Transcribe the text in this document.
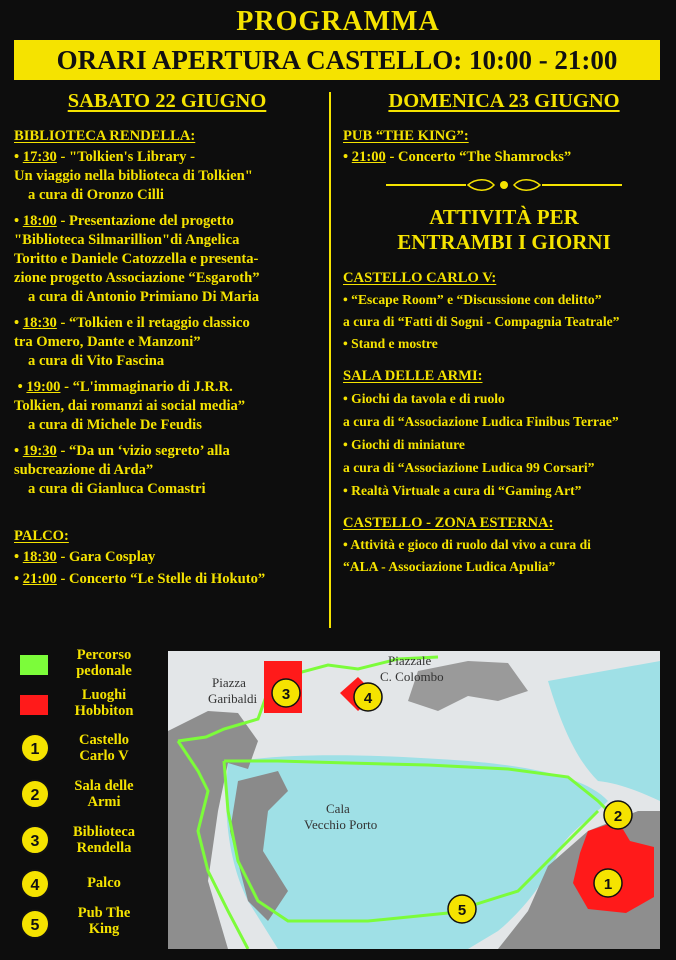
PROGRAMMA
ORARI APERTURA CASTELLO: 10:00 - 21:00
SABATO 22 GIUGNO
BIBLIOTECA RENDELLA:
• 17:30 - "Tolkien's Library -
Un viaggio nella biblioteca di Tolkien"
a cura di Oronzo Cilli
• 18:00 - Presentazione del progetto
"Biblioteca Silmarillion"di Angelica
Toritto e Daniele Catozzella e presenta-
zione progetto Associazione “Esgaroth”
a cura di Antonio Primiano Di Maria
• 18:30 - “Tolkien e il retaggio classico
tra Omero, Dante e Manzoni”
a cura di Vito Fascina
• 19:00 - “L'immaginario di J.R.R.
Tolkien, dai romanzi ai social media”
a cura di Michele De Feudis
• 19:30 - “Da un ‘vizio segreto’ alla
subcreazione di Arda”
a cura di Gianluca Comastri
PALCO:
• 18:30 - Gara Cosplay
• 21:00 - Concerto “Le Stelle di Hokuto”
DOMENICA 23 GIUGNO
PUB “THE KING”:
• 21:00 - Concerto “The Shamrocks”
ATTIVITÀ PER
ENTRAMBI I GIORNI
CASTELLO CARLO V:
• “Escape Room” e “Discussione con delitto”
a cura di “Fatti di Sogni - Compagnia Teatrale”
• Stand e mostre
SALA DELLE ARMI:
• Giochi da tavola e di ruolo
a cura di “Associazione Ludica Finibus Terrae”
• Giochi di miniature
a cura di “Associazione Ludica 99 Corsari”
• Realtà Virtuale a cura di “Gaming Art”
CASTELLO - ZONA ESTERNA:
• Attività e gioco di ruolo dal vivo a cura di
“ALA - Associazione Ludica Apulia”
Percorso pedonale
Luoghi Hobbiton
1
Castello Carlo V
2
Sala delle Armi
3
Biblioteca Rendella
4	Palco
5
Pub The King
Piazza
Garibaldi
Piazzale
C. Colombo
Cala
Vecchio Porto
3	4
2
1
5
